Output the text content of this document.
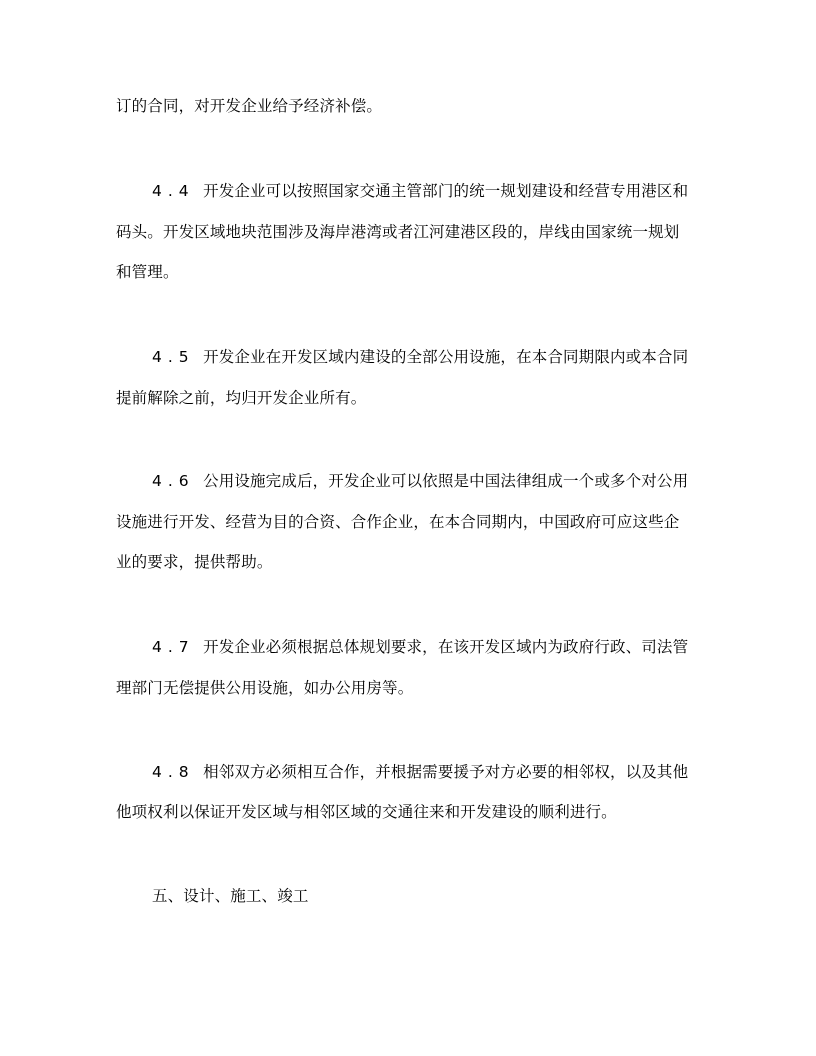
订的合同，对开发企业给予经济补偿。
4.4 开发企业可以按照国家交通主管部门的统一规划建设和经营专用港区和
码头。开发区域地块范围涉及海岸港湾或者江河建港区段的，岸线由国家统一规划
和管理。
4.5 开发企业在开发区域内建设的全部公用设施，在本合同期限内或本合同
提前解除之前，均归开发企业所有。
4.6 公用设施完成后，开发企业可以依照是中国法律组成一个或多个对公用
设施进行开发、经营为目的合资、合作企业，在本合同期内，中国政府可应这些企
业的要求，提供帮助。
4.7 开发企业必须根据总体规划要求，在该开发区域内为政府行政、司法管
理部门无偿提供公用设施，如办公用房等。
4.8 相邻双方必须相互合作，并根据需要援予对方必要的相邻权，以及其他
他项权利以保证开发区域与相邻区域的交通往来和开发建设的顺利进行。
五、设计、施工、竣工
